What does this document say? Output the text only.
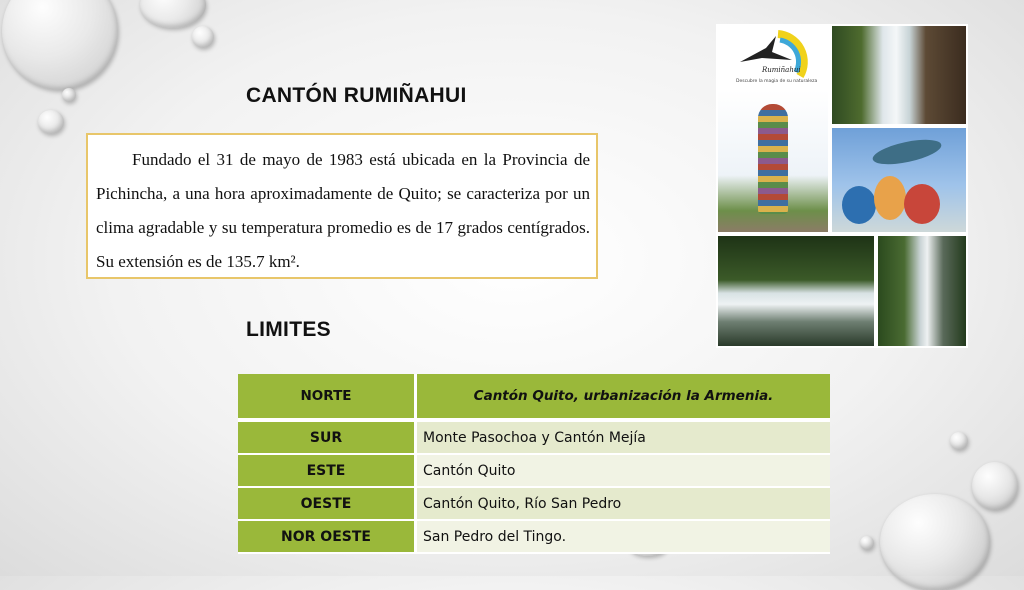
CANTÓN RUMIÑAHUI
Fundado el 31 de mayo de 1983 está ubicada en la Provincia de Pichincha, a una hora aproximadamente de Quito; se caracteriza por un clima agradable y su temperatura promedio es de 17 grados centígrados. Su extensión es de 135.7 km².
LIMITES
NORTE	Cantón Quito, urbanización la Armenia.

SUR	Monte Pasochoa y Cantón Mejía
ESTE	Cantón Quito
OESTE	Cantón Quito, Río San Pedro
NOR OESTE	San Pedro del Tingo.
Rumiñahui
Descubre la magia de su naturaleza
